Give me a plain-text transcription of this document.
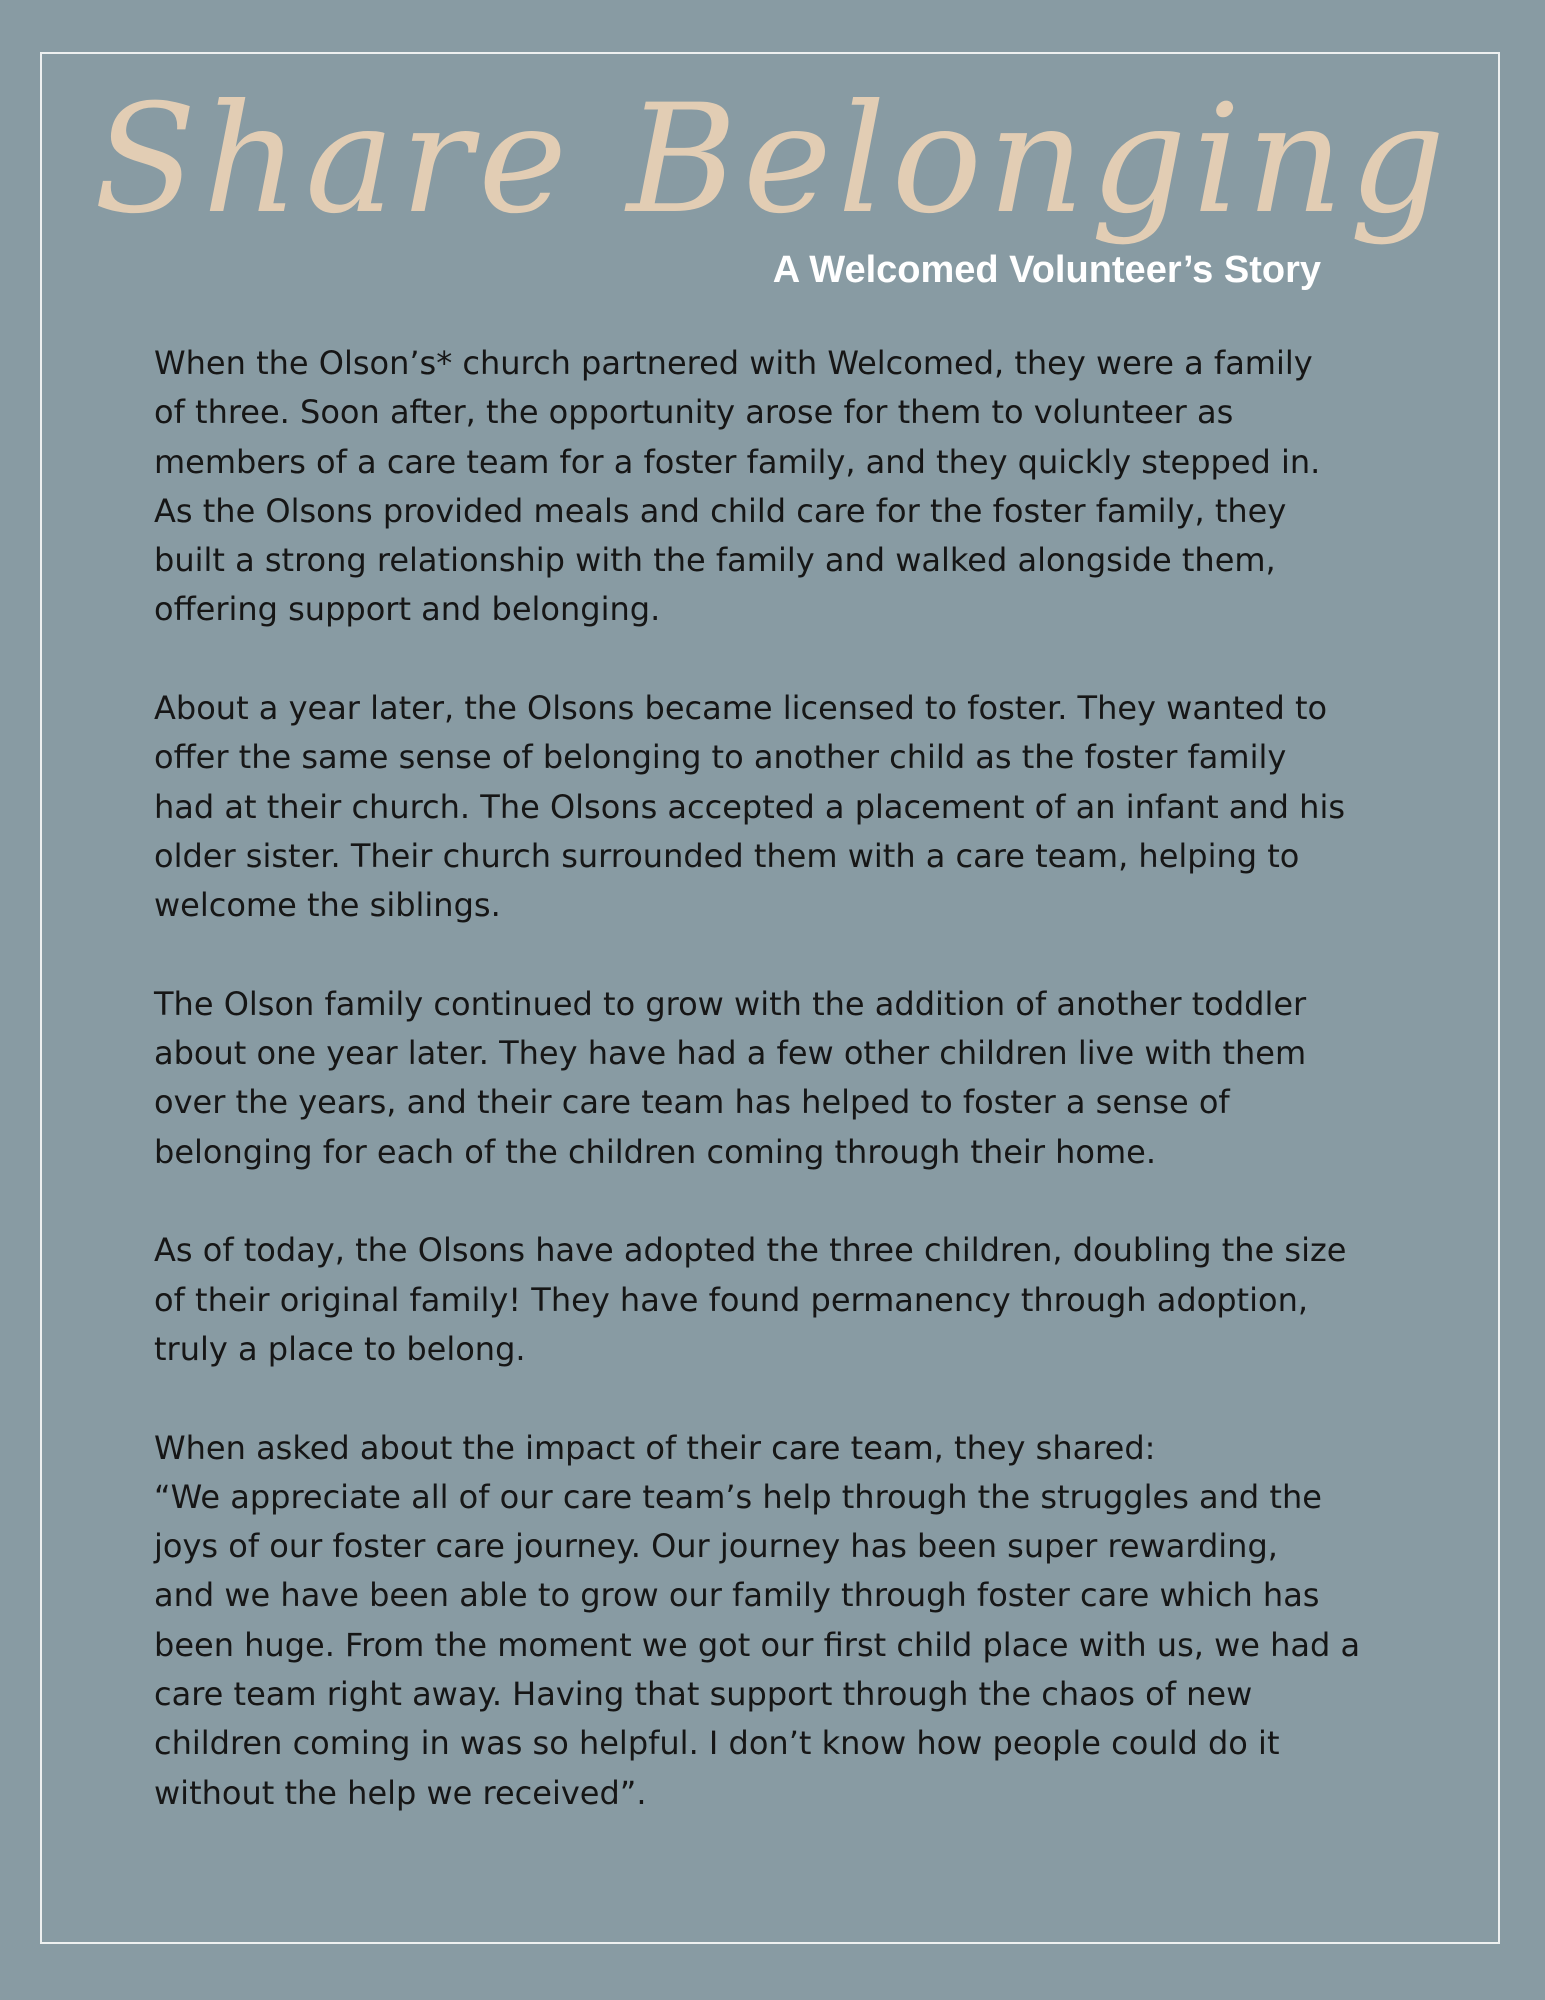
Share Belonging
A Welcomed Volunteer’s Story

When the Olson’s* church partnered with Welcomed, they were a family
of three. Soon after, the opportunity arose for them to volunteer as
members of a care team for a foster family, and they quickly stepped in.
As the Olsons provided meals and child care for the foster family, they
built a strong relationship with the family and walked alongside them,
offering support and belonging.

About a year later, the Olsons became licensed to foster. They wanted to
offer the same sense of belonging to another child as the foster family
had at their church. The Olsons accepted a placement of an infant and his
older sister. Their church surrounded them with a care team, helping to
welcome the siblings.

The Olson family continued to grow with the addition of another toddler
about one year later. They have had a few other children live with them
over the years, and their care team has helped to foster a sense of
belonging for each of the children coming through their home.

As of today, the Olsons have adopted the three children, doubling the size
of their original family! They have found permanency through adoption,
truly a place to belong.

When asked about the impact of their care team, they shared:
“We appreciate all of our care team’s help through the struggles and the
joys of our foster care journey. Our journey has been super rewarding,
and we have been able to grow our family through foster care which has
been huge. From the moment we got our first child place with us, we had a
care team right away. Having that support through the chaos of new
children coming in was so helpful. I don’t know how people could do it
without the help we received”.
